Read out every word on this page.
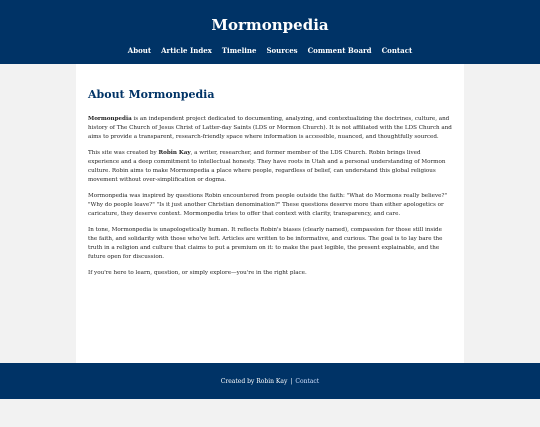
Mormonpedia
About Article Index Timeline Sources Comment Board Contact
About Mormonpedia

Mormonpedia is an independent project dedicated to documenting, analyzing, and contextualizing the doctrines, culture, and history of The Church of Jesus Christ of Latter-day Saints (LDS or Mormon Church). It is not affiliated with the LDS Church and aims to provide a transparent, research-friendly space where information is accessible, nuanced, and thoughtfully sourced.

This site was created by Robin Kay, a writer, researcher, and former member of the LDS Church. Robin brings lived experience and a deep commitment to intellectual honesty. They have roots in Utah and a personal understanding of Mormon culture. Robin aims to make Mormonpedia a place where people, regardless of belief, can understand this global religious movement without over-simplification or dogma.

Mormonpedia was inspired by questions Robin encountered from people outside the faith: "What do Mormons really believe?" "Why do people leave?" "Is it just another Christian denomination?" These questions deserve more than either apologetics or caricature, they deserve context. Mormonpedia tries to offer that context with clarity, transparency, and care.

In tone, Mormonpedia is unapologetically human. It reflects Robin's biases (clearly named), compassion for those still inside the faith, and solidarity with those who've left. Articles are written to be informative, and curious. The goal is to lay bare the truth in a religion and culture that claims to put a premium on it: to make the past legible, the present explainable, and the future open for discussion.

If you're here to learn, question, or simply explore—you're in the right place.

Created by Robin Kay | Contact
